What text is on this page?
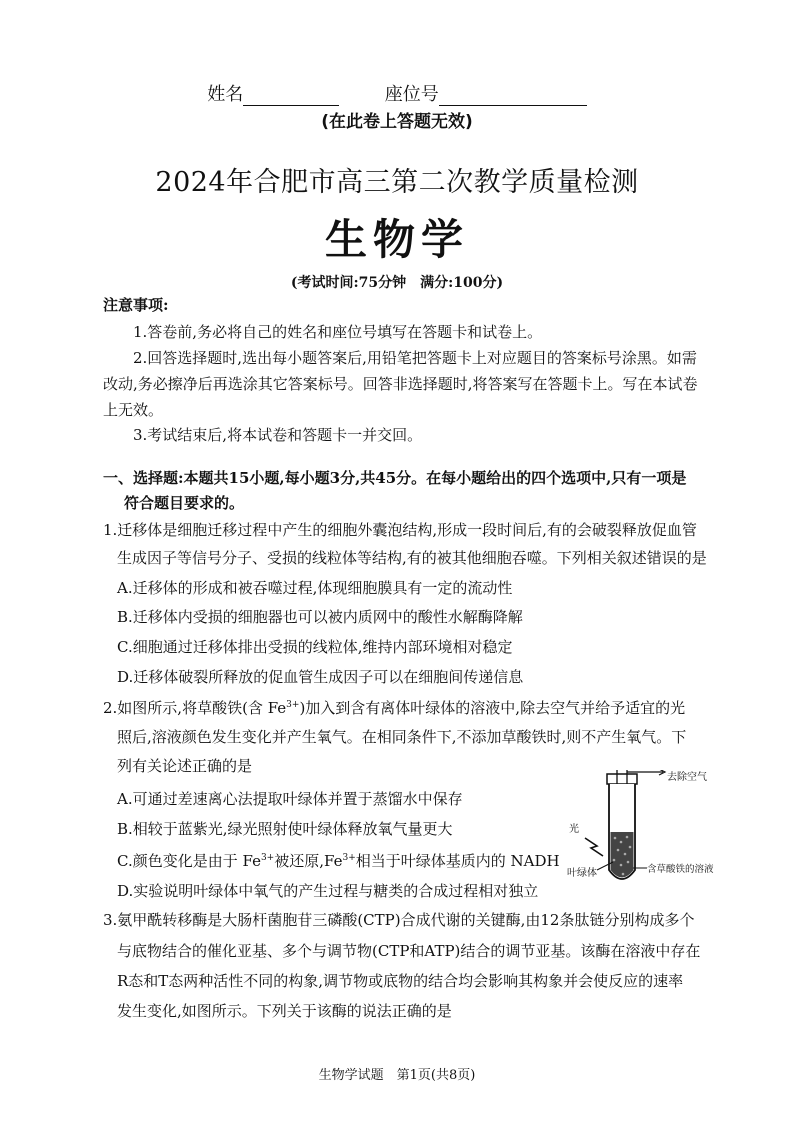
姓名	座位号
(在此卷上答题无效)
2024年合肥市高三第二次教学质量检测
生物学
(考试时间:75分钟　满分:100分)
注意事项:
1.答卷前,务必将自己的姓名和座位号填写在答题卡和试卷上。
2.回答选择题时,选出每小题答案后,用铅笔把答题卡上对应题目的答案标号涂黑。如需
改动,务必擦净后再选涂其它答案标号。回答非选择题时,将答案写在答题卡上。写在本试卷
上无效。
3.考试结束后,将本试卷和答题卡一并交回。
一、选择题:本题共15小题,每小题3分,共45分。在每小题给出的四个选项中,只有一项是
符合题目要求的。
1.迁移体是细胞迁移过程中产生的细胞外囊泡结构,形成一段时间后,有的会破裂释放促血管
生成因子等信号分子、受损的线粒体等结构,有的被其他细胞吞噬。下列相关叙述错误的是
A.迁移体的形成和被吞噬过程,体现细胞膜具有一定的流动性
B.迁移体内受损的细胞器也可以被内质网中的酸性水解酶降解
C.细胞通过迁移体排出受损的线粒体,维持内部环境相对稳定
D.迁移体破裂所释放的促血管生成因子可以在细胞间传递信息
2.如图所示,将草酸铁(含 $Fe^{3+}$)加入到含有离体叶绿体的溶液中,除去空气并给予适宜的光
照后,溶液颜色发生变化并产生氧气。在相同条件下,不添加草酸铁时,则不产生氧气。下
列有关论述正确的是
A.可通过差速离心法提取叶绿体并置于蒸馏水中保存
B.相较于蓝紫光,绿光照射使叶绿体释放氧气量更大
C.颜色变化是由于 $Fe^{3+}$被还原$,Fe^{3+}$相当于叶绿体基质内的 NADH
D.实验说明叶绿体中氧气的产生过程与糖类的合成过程相对独立
去除空气
光
叶绿体	含草酸铁的溶液
3.氨甲酰转移酶是大肠杆菌胞苷三磷酸(CTP)合成代谢的关键酶,由12条肽链分别构成多个
与底物结合的催化亚基、多个与调节物(CTP和ATP)结合的调节亚基。该酶在溶液中存在
R态和T态两种活性不同的构象,调节物或底物的结合均会影响其构象并会使反应的速率
发生变化,如图所示。下列关于该酶的说法正确的是
生物学试题　第1页(共8页)
